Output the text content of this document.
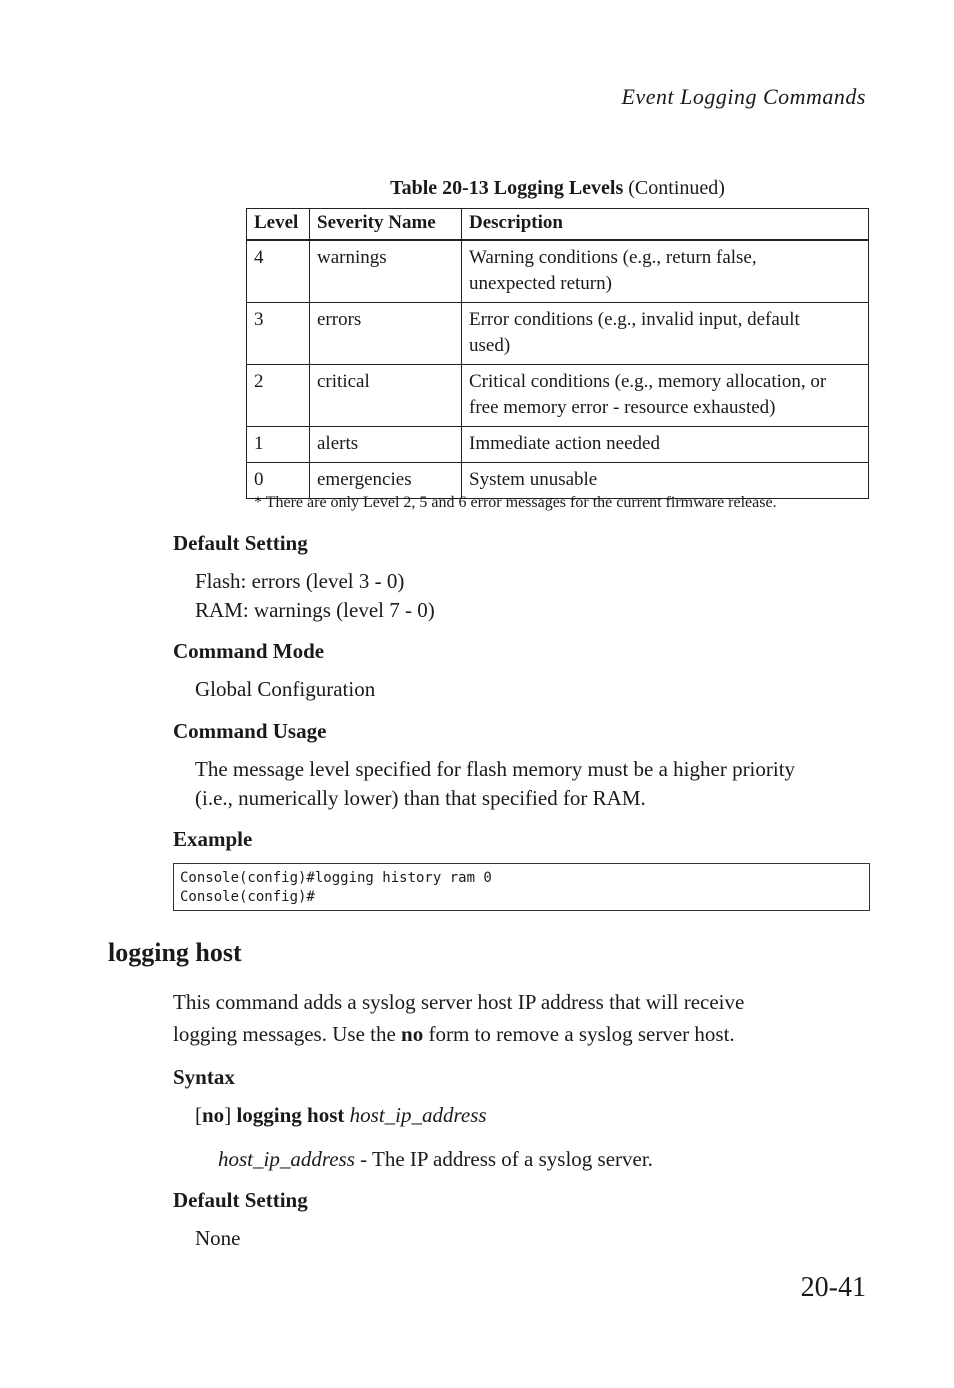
Event Logging Commands
Table 20-13 Logging Levels (Continued)
Level	Severity Name	Description
4	warnings	Warning conditions (e.g., return false,
unexpected return)

3	errors	Error conditions (e.g., invalid input, default
used)

2	critical	Critical conditions (e.g., memory allocation, or
free memory error - resource exhausted)

1	alerts	Immediate action needed
0	emergencies	System unusable
* There are only Level 2, 5 and 6 error messages for the current firmware release.
Default Setting
Flash: errors (level 3 - 0)
RAM: warnings (level 7 - 0)
Command Mode
Global Configuration
Command Usage
The message level specified for flash memory must be a higher priority
(i.e., numerically lower) than that specified for RAM.
Example
Console(config)#logging history ram 0
Console(config)#
logging host
This command adds a syslog server host IP address that will receive
logging messages. Use the no form to remove a syslog server host.
Syntax
[no] logging host host_ip_address
host_ip_address - The IP address of a syslog server.
Default Setting
None
20-41
